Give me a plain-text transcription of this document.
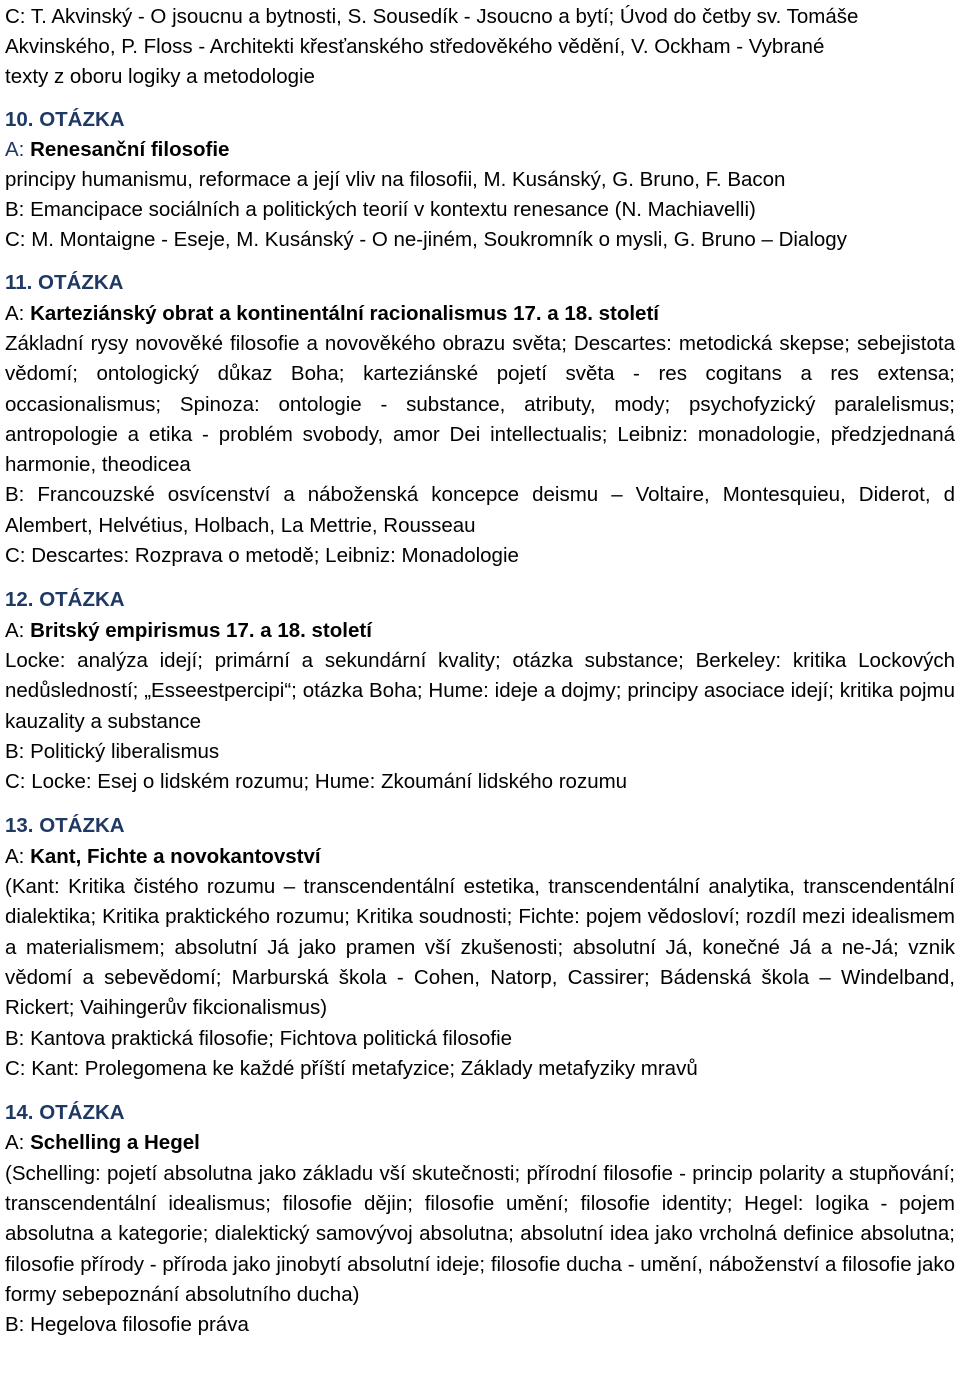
C: T. Akvinský - O jsoucnu a bytnosti, S. Sousedík - Jsoucno a bytí; Úvod do četby sv. Tomáše
Akvinského, P. Floss - Architekti křesťanského středověkého vědění, V. Ockham - Vybrané
texty z oboru logiky a metodologie
10. OTÁZKA
A: Renesanční filosofie
principy humanismu, reformace a její vliv na filosofii, M. Kusánský, G. Bruno, F. Bacon
B: Emancipace sociálních a politických teorií v kontextu renesance (N. Machiavelli)
C: M. Montaigne - Eseje, M. Kusánský - O ne-jiném, Soukromník o mysli, G. Bruno – Dialogy
11. OTÁZKA
A: Karteziánský obrat a kontinentální racionalismus 17. a 18. století

Základní rysy novověké filosofie a novověkého obrazu světa; Descartes: metodická skepse; sebejistota vědomí; ontologický důkaz Boha; karteziánské pojetí světa - res cogitans a res extensa; occasionalismus; Spinoza: ontologie - substance, atributy, mody; psychofyzický paralelismus; antropologie a etika - problém svobody, amor Dei intellectualis; Leibniz: monadologie, předzjednaná harmonie, theodicea

B: Francouzské osvícenství a náboženská koncepce deismu – Voltaire, Montesquieu, Diderot, d Alembert, Helvétius, Holbach, La Mettrie, Rousseau

C: Descartes: Rozprava o metodě; Leibniz: Monadologie

12. OTÁZKA
A: Britský empirismus 17. a 18. století

Locke: analýza idejí; primární a sekundární kvality; otázka substance; Berkeley: kritika Lockových nedůsledností; „Esseestpercipi“; otázka Boha; Hume: ideje a dojmy; principy asociace idejí; kritika pojmu kauzality a substance

B: Politický liberalismus

C: Locke: Esej o lidském rozumu; Hume: Zkoumání lidského rozumu

13. OTÁZKA
A: Kant, Fichte a novokantovství

(Kant: Kritika čistého rozumu – transcendentální estetika, transcendentální analytika, transcendentální dialektika; Kritika praktického rozumu; Kritika soudnosti; Fichte: pojem vědosloví; rozdíl mezi idealismem a materialismem; absolutní Já jako pramen vší zkušenosti; absolutní Já, konečné Já a ne-Já; vznik vědomí a sebevědomí; Marburská škola - Cohen, Natorp, Cassirer; Bádenská škola – Windelband, Rickert; Vaihingerův fikcionalismus)

B: Kantova praktická filosofie; Fichtova politická filosofie

C: Kant: Prolegomena ke každé příští metafyzice; Základy metafyziky mravů

14. OTÁZKA
A: Schelling a Hegel

(Schelling: pojetí absolutna jako základu vší skutečnosti; přírodní filosofie - princip polarity a stupňování; transcendentální idealismus; filosofie dějin; filosofie umění; filosofie identity; Hegel: logika - pojem absolutna a kategorie; dialektický samovývoj absolutna; absolutní idea jako vrcholná definice absolutna; filosofie přírody - příroda jako jinobytí absolutní ideje; filosofie ducha - umění, náboženství a filosofie jako formy sebepoznání absolutního ducha)

B: Hegelova filosofie práva
